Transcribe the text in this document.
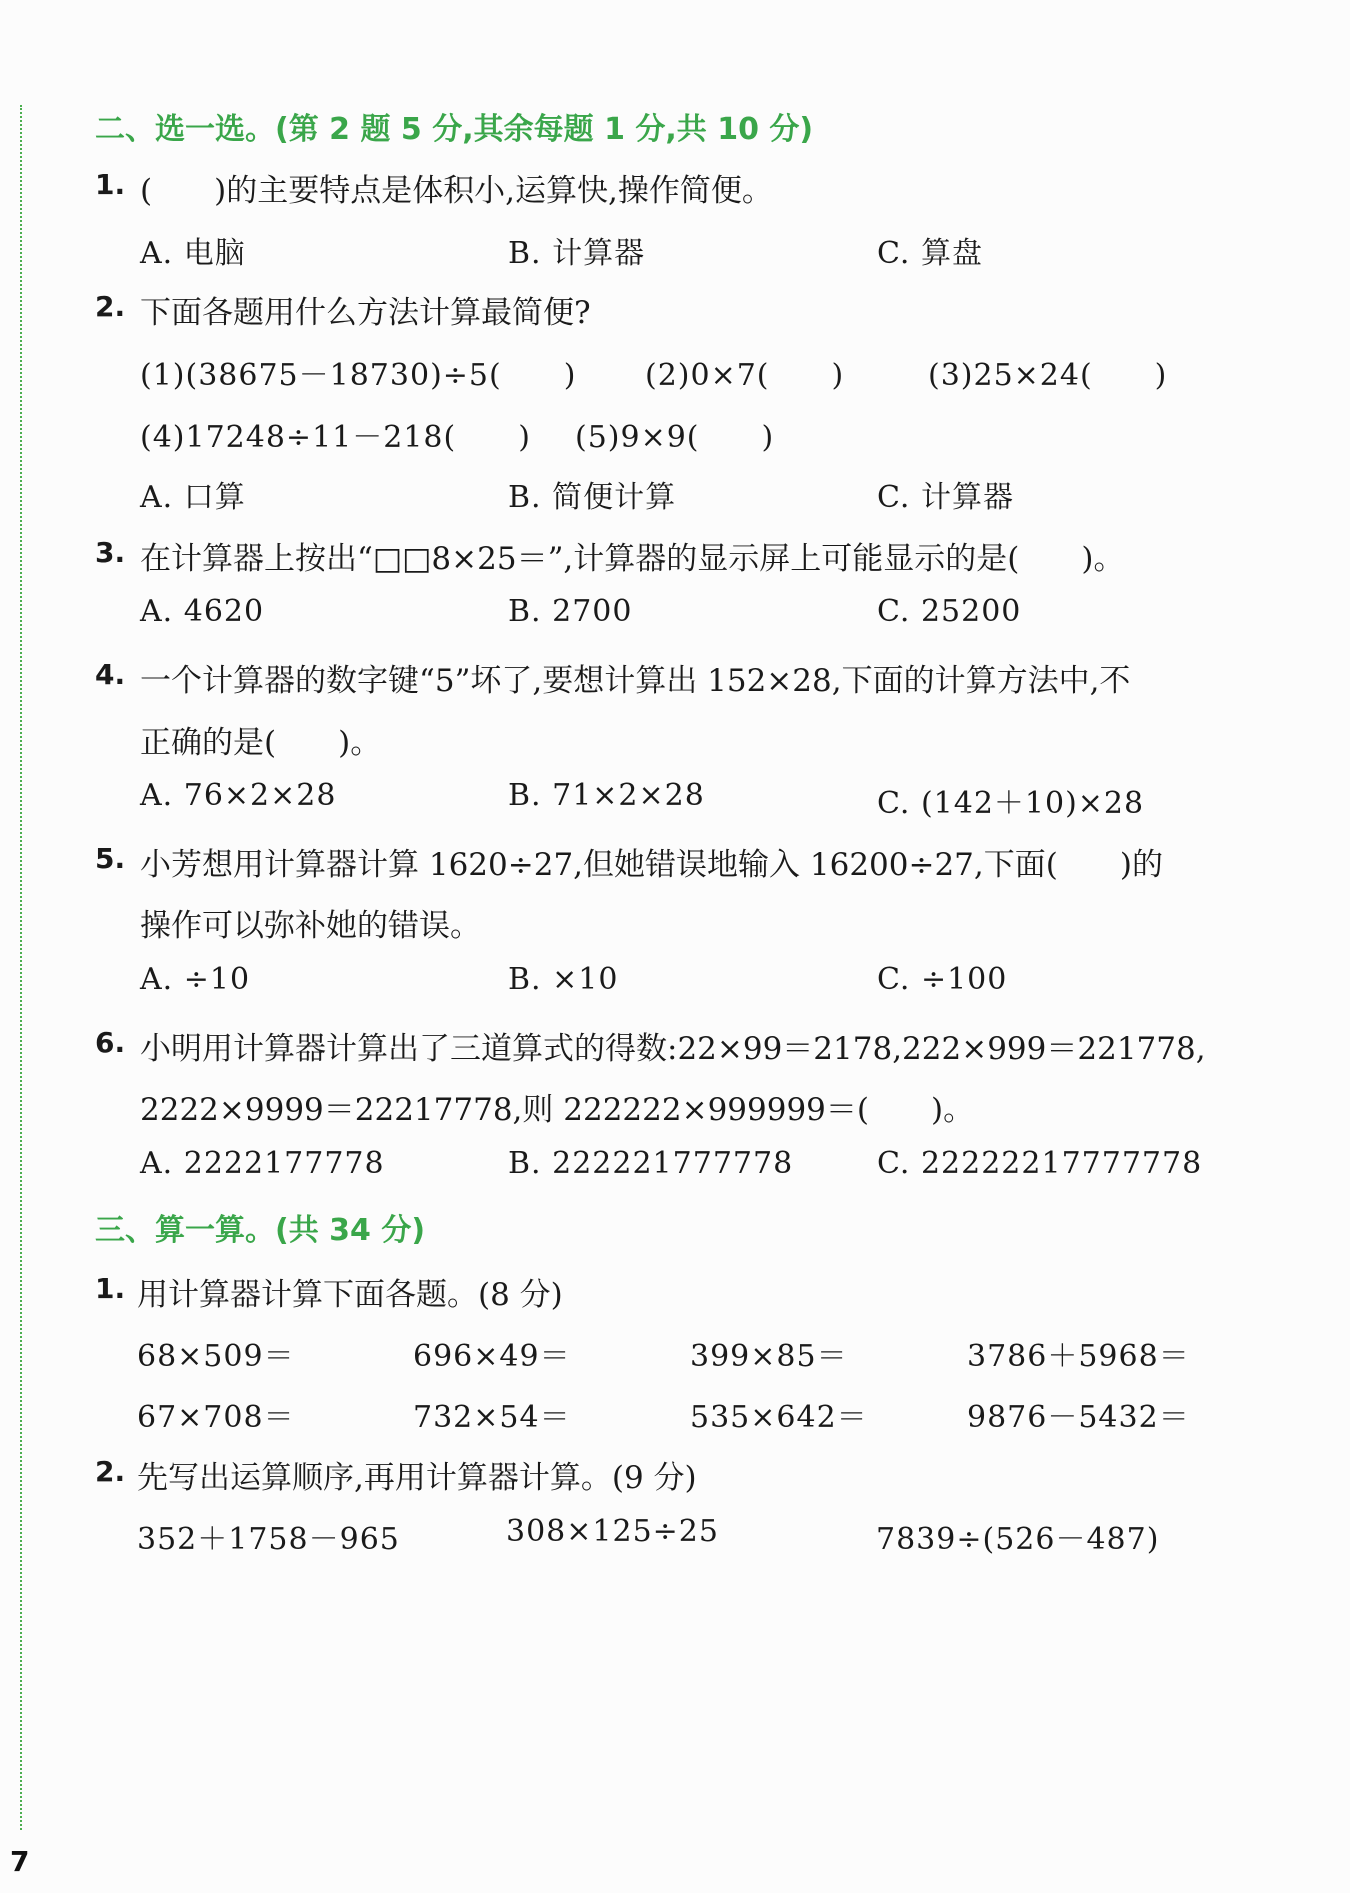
二、选一选。(第 2 题 5 分,其余每题 1 分,共 10 分)
1. (　　)的主要特点是体积小,运算快,操作简便。
A. 电脑	B. 计算器	C. 算盘
2. 下面各题用什么方法计算最简便?
(1)(38675－18730)÷5(　　) (2)0×7(　　)	(3)25×24(　　)
(4)17248÷11－218(　　) (5)9×9(　　)
A. 口算	B. 简便计算	C. 计算器
3. 在计算器上按出“□□8×25＝”,计算器的显示屏上可能显示的是(　　)。
A. 4620	B. 2700	C. 25200
4. 一个计算器的数字键“5”坏了,要想计算出 152×28,下面的计算方法中,不
正确的是(　　)。
A. 76×2×28	B. 71×2×28	C. (142＋10)×28
5. 小芳想用计算器计算 1620÷27,但她错误地输入 16200÷27,下面(　　)的
操作可以弥补她的错误。
A. ÷10	B. ×10	C. ÷100
6. 小明用计算器计算出了三道算式的得数:22×99＝2178,222×999＝221778,
2222×9999＝22217778,则 222222×999999＝(　　)。
A. 2222177778	B. 222221777778	C. 22222217777778
三、算一算。(共 34 分)
1. 用计算器计算下面各题。(8 分)
68×509＝	696×49＝	399×85＝	3786＋5968＝
67×708＝	732×54＝	535×642＝	9876－5432＝
2. 先写出运算顺序,再用计算器计算。(9 分)
352＋1758－965	308×125÷25	7839÷(526－487)
7
